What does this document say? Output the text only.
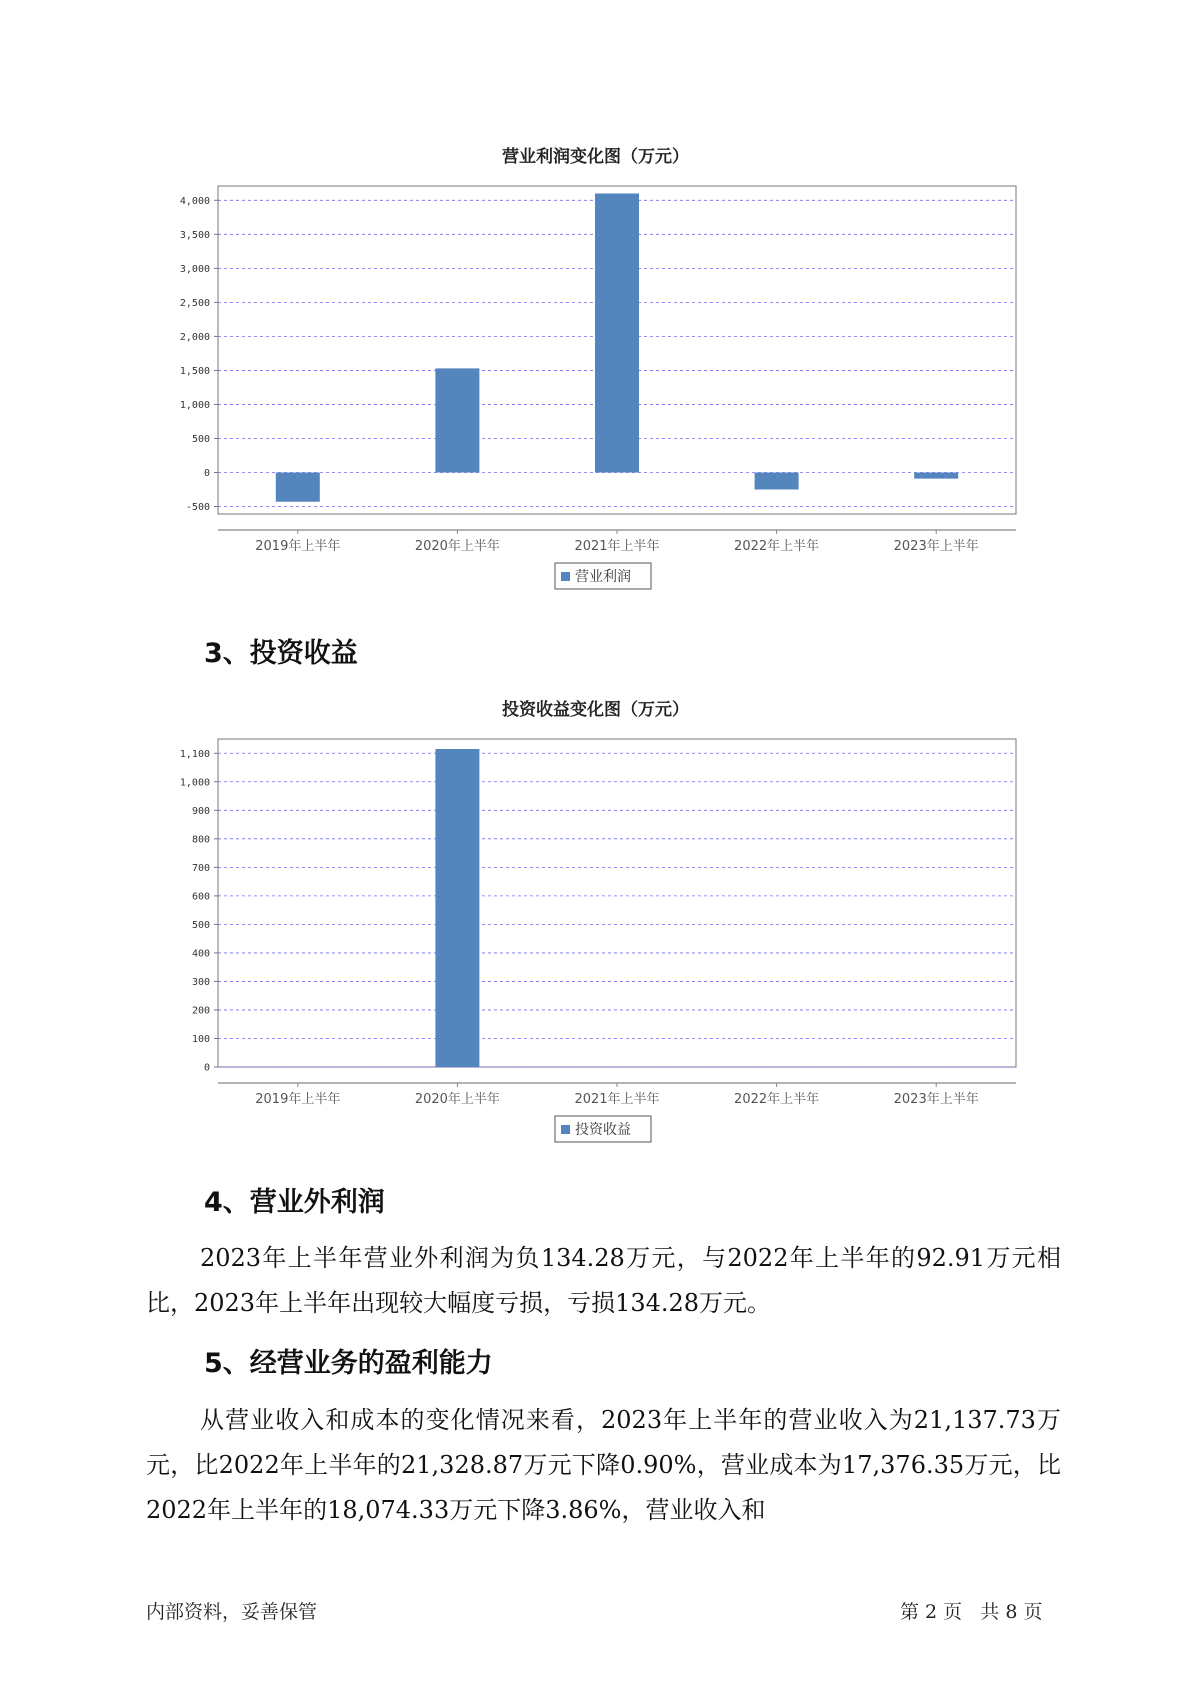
营业利润变化图（万元）
-500
0
500
1,000
1,500
2,000
2,500
3,000
3,500
4,000
2019年上半年	2020年上半年	2021年上半年	2022年上半年	2023年上半年
营业利润
3、投资收益
投资收益变化图（万元）
0
100
200
300
400
500
600
700
800
900
1,000
1,100
2019年上半年	2020年上半年	2021年上半年	2022年上半年	2023年上半年
投资收益
4、营业外利润

2023年上半年营业外利润为负134.28万元，与2022年上半年的92.91万元相比，2023年上半年出现较大幅度亏损，亏损134.28万元。

5、经营业务的盈利能力

从营业收入和成本的变化情况来看，2023年上半年的营业收入为21,137.73万元，比2022年上半年的21,328.87万元下降0.90%，营业成本为17,376.35万元，比2022年上半年的18,074.33万元下降3.86%，营业收入和

内部资料，妥善保管	第 2 页   共 8 页
